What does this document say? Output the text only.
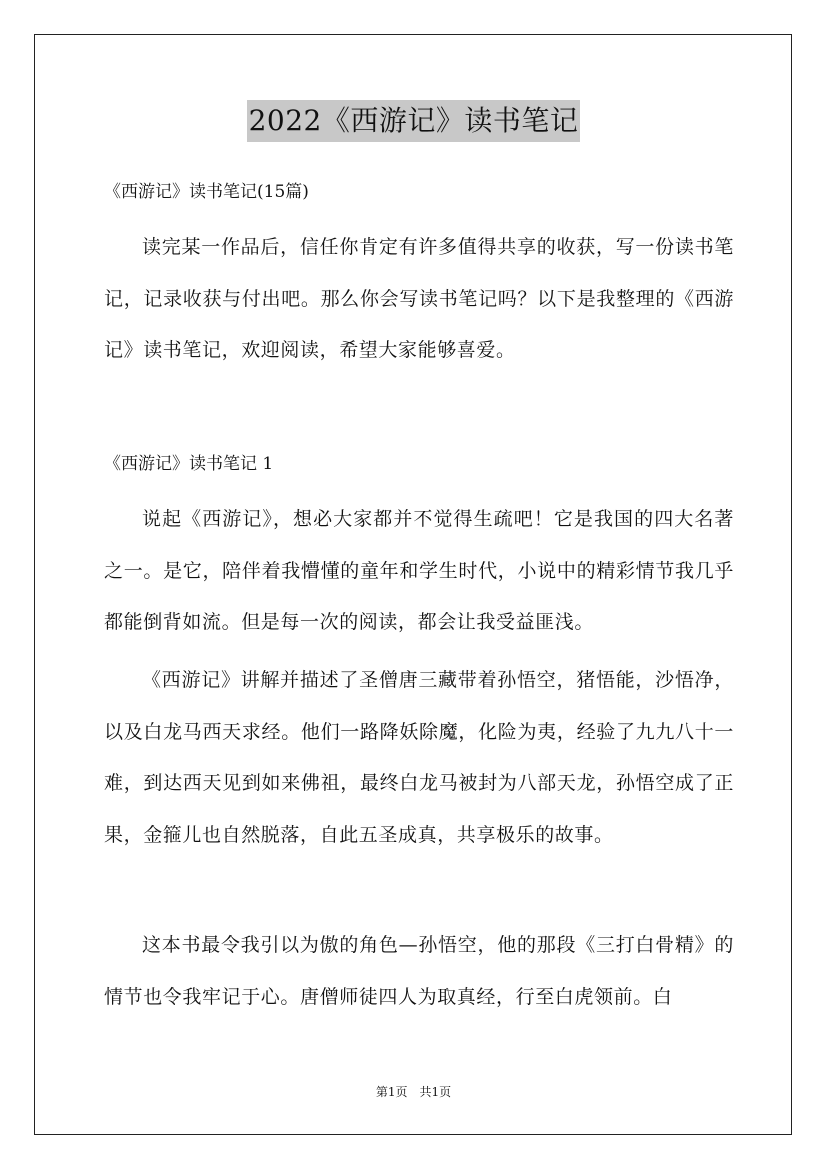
2022《西游记》读书笔记
《西游记》读书笔记(15篇)
读完某一作品后，信任你肯定有许多值得共享的收获，写一份读书笔记，记录收获与付出吧。那么你会写读书笔记吗？以下是我整理的《西游记》读书笔记，欢迎阅读，希望大家能够喜爱。
《西游记》读书笔记 1
说起《西游记》，想必大家都并不觉得生疏吧！它是我国的四大名著之一。是它，陪伴着我懵懂的童年和学生时代，小说中的精彩情节我几乎都能倒背如流。但是每一次的阅读，都会让我受益匪浅。
《西游记》讲解并描述了圣僧唐三藏带着孙悟空，猪悟能，沙悟净，以及白龙马西天求经。他们一路降妖除魔，化险为夷，经验了九九八十一难，到达西天见到如来佛祖，最终白龙马被封为八部天龙，孙悟空成了正果，金箍儿也自然脱落，自此五圣成真，共享极乐的故事。
这本书最令我引以为傲的角色—孙悟空，他的那段《三打白骨精》的情节也令我牢记于心。唐僧师徒四人为取真经，行至白虎领前。白
第1页　共1页
